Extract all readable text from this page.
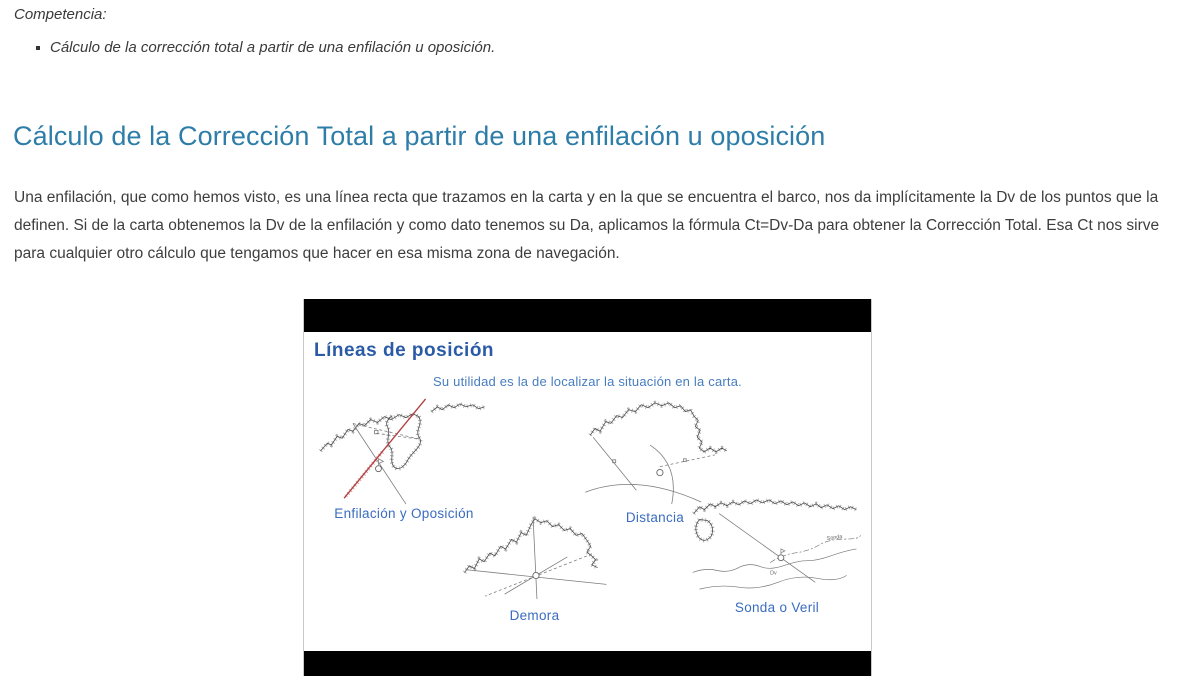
Competencia:
Cálculo de la corrección total a partir de una enfilación u oposición.
Cálculo de la Corrección Total a partir de una enfilación u oposición

Una enfilación, que como hemos visto, es una línea recta que trazamos en la carta y en la que se encuentra el barco, nos da implícitamente la Dv de los puntos que la definen. Si de la carta obtenemos la Dv de la enfilación y como dato tenemos su Da, aplicamos la fórmula Ct=Dv-Da para obtener la Corrección Total. Esa Ct nos sirve para cualquier otro cálculo que tengamos que hacer en esa misma zona de navegación.

Líneas de posición
Su utilidad es la de localizar la situación en la carta.
Enfilación y Oposición	Distancia
Demora
Sonda
Dv
Sonda o Veril
